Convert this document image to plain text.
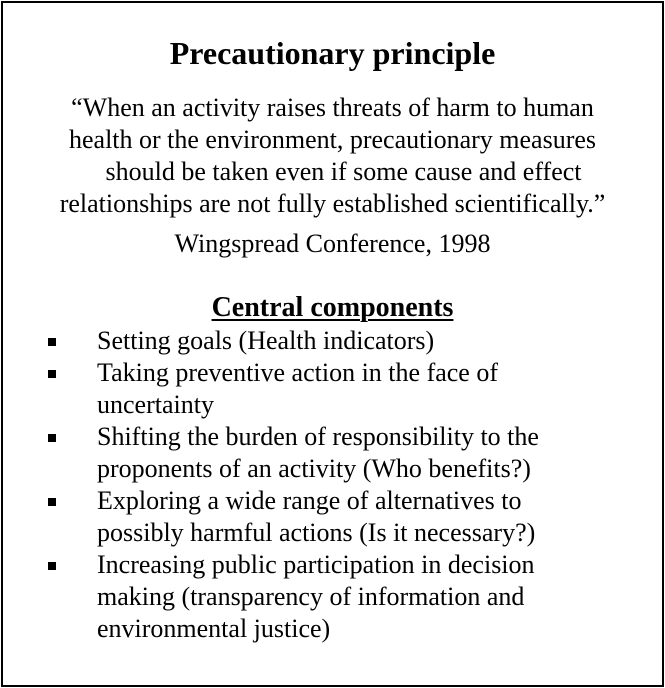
Precautionary principle
“When an activity raises threats of harm to human
health or the environment, precautionary measures
should be taken even if some cause and effect
relationships are not fully established scientifically.”
Wingspread Conference, 1998
Central components
Setting goals (Health indicators)
Taking preventive action in the face of
uncertainty
Shifting the burden of responsibility to the
proponents of an activity (Who benefits?)
Exploring a wide range of alternatives to
possibly harmful actions (Is it necessary?)
Increasing public participation in decision
making (transparency of information and
environmental justice)
